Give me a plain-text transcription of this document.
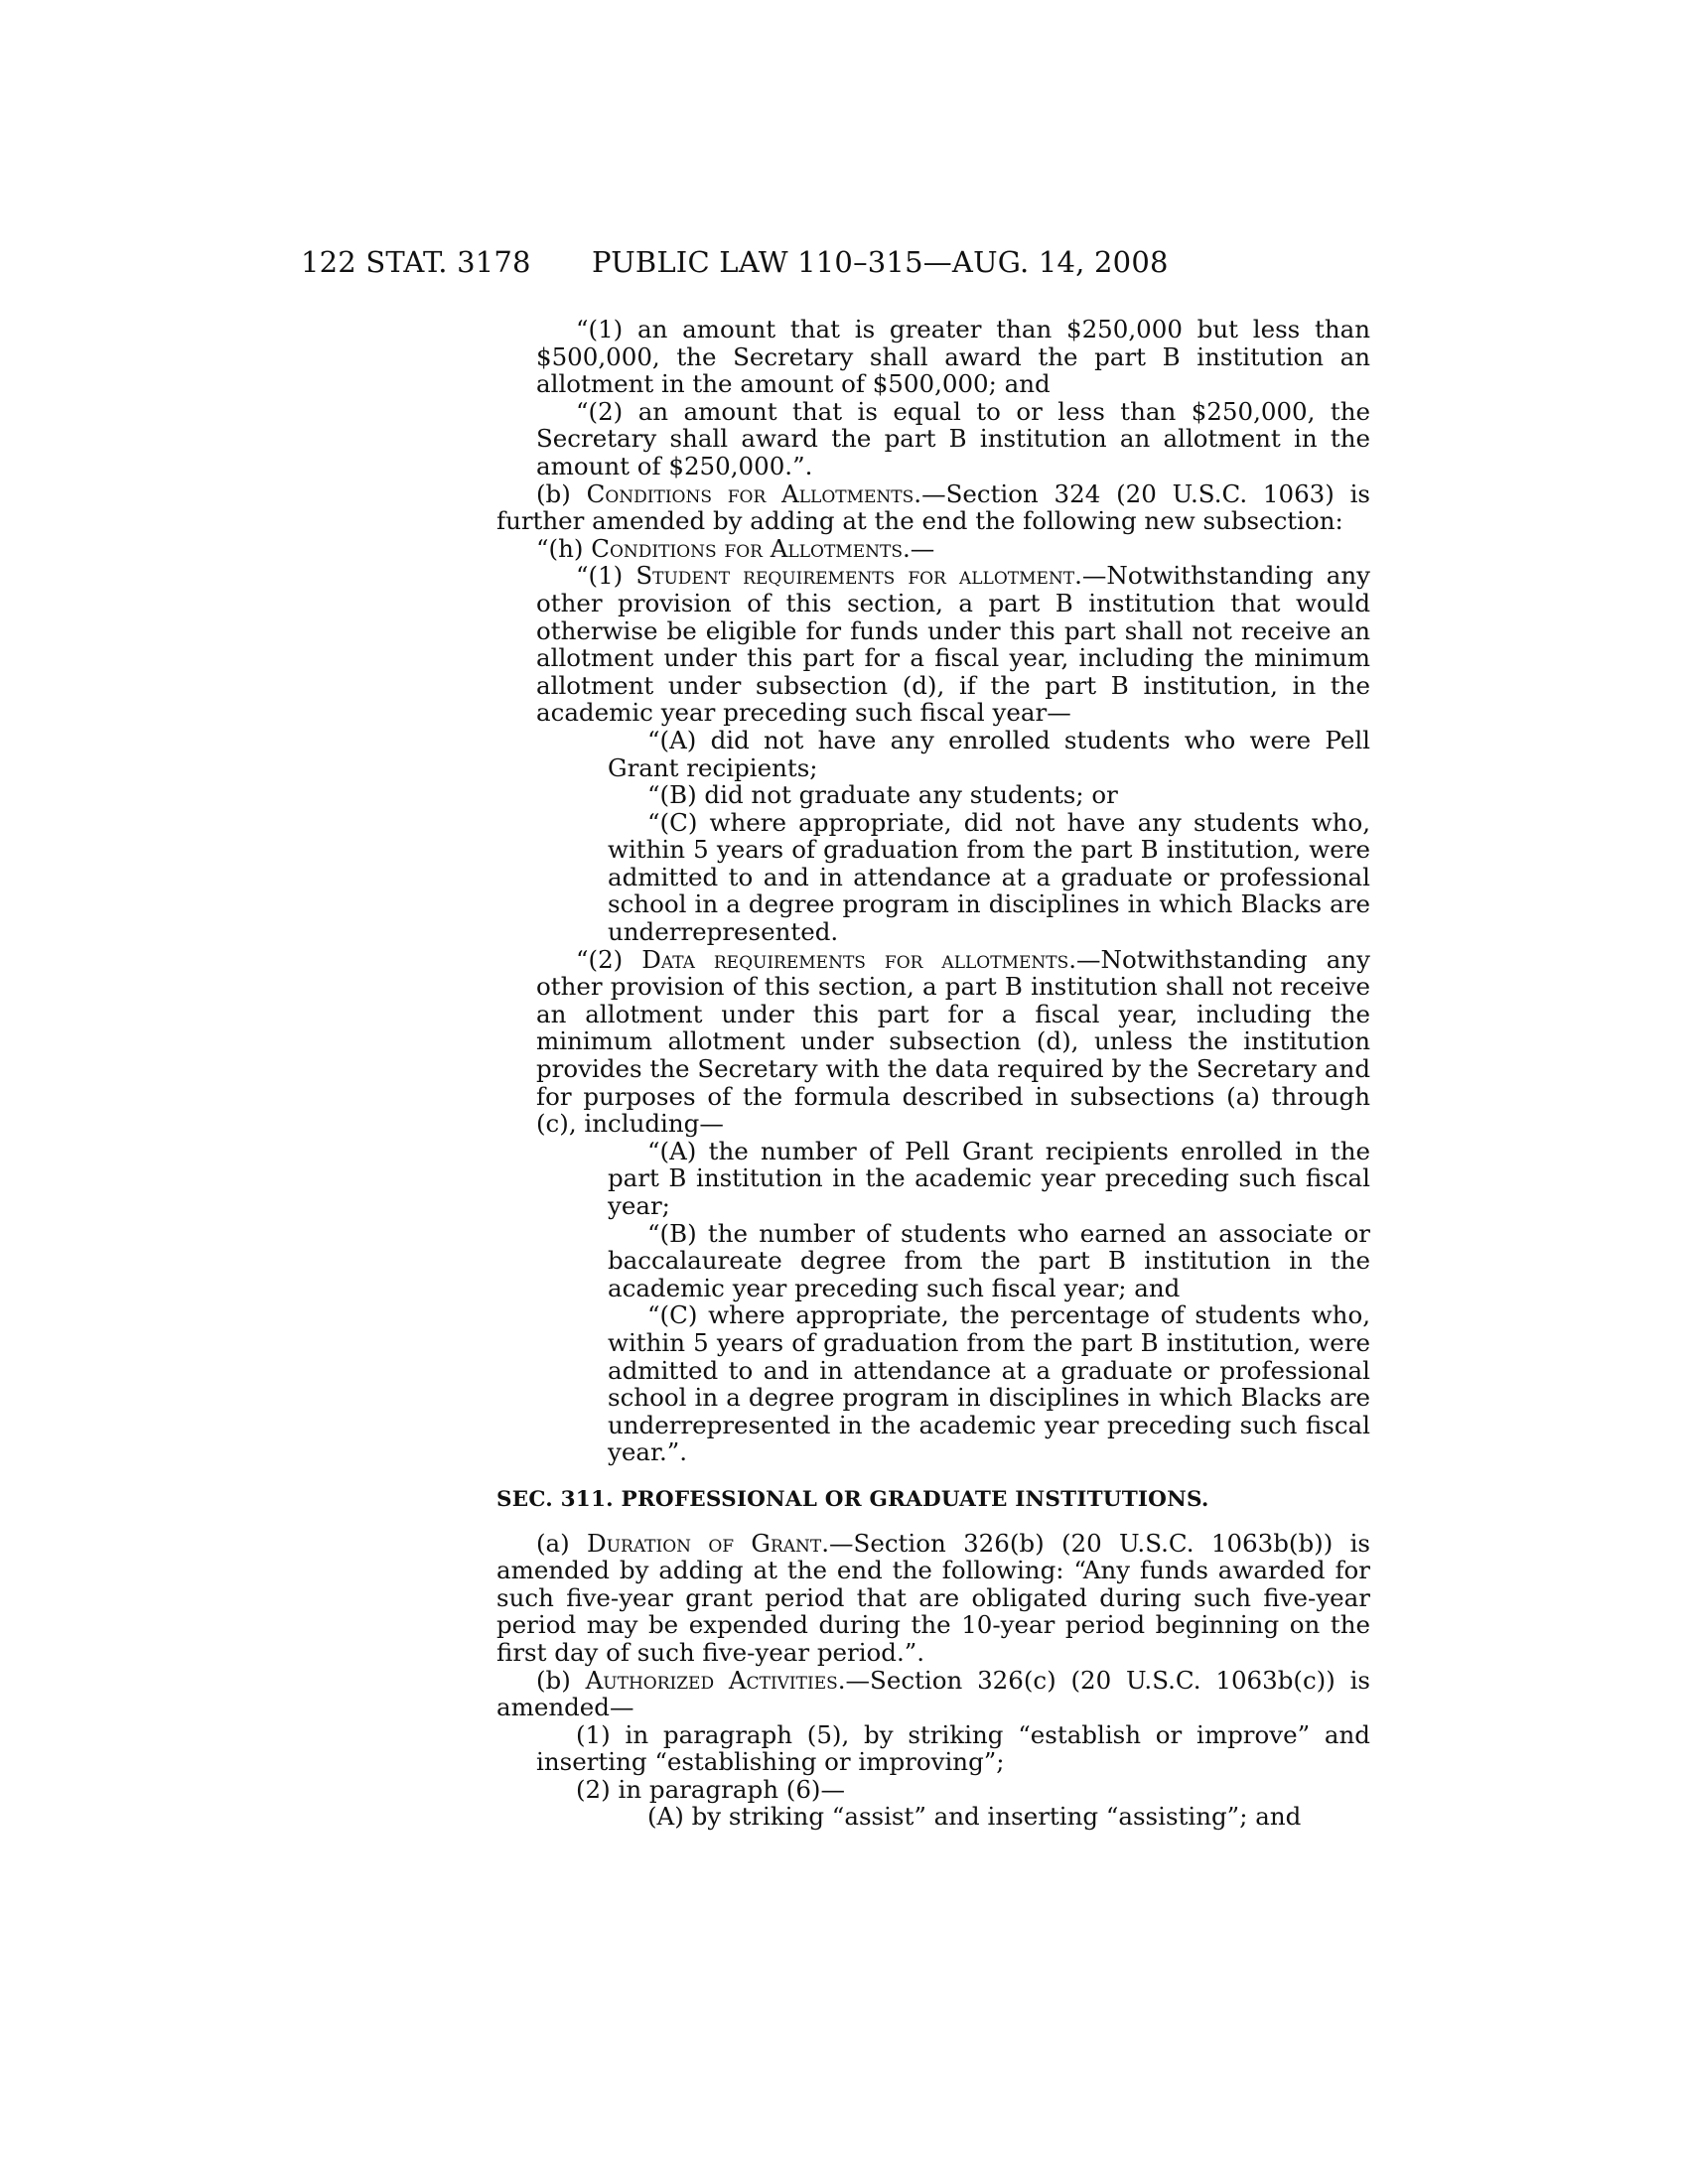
122 STAT. 3178 PUBLIC LAW 110–315—AUG. 14, 2008

“(1) an amount that is greater than $250,000 but less than $500,000, the Secretary shall award the part B institution an allotment in the amount of $500,000; and

“(2) an amount that is equal to or less than $250,000, the Secretary shall award the part B institution an allotment in the amount of $250,000.”.

(b) Conditions for Allotments.—Section 324 (20 U.S.C. 1063) is further amended by adding at the end the following new subsection:

“(h) Conditions for Allotments.—

“(1) Student requirements for allotment.—Notwithstanding any other provision of this section, a part B institution that would otherwise be eligible for funds under this part shall not receive an allotment under this part for a fiscal year, including the minimum allotment under subsection (d), if the part B institution, in the academic year preceding such fiscal year—

“(A) did not have any enrolled students who were Pell Grant recipients;

“(B) did not graduate any students; or

“(C) where appropriate, did not have any students who, within 5 years of graduation from the part B institution, were admitted to and in attendance at a graduate or professional school in a degree program in disciplines in which Blacks are underrepresented.

“(2) Data requirements for allotments.—Notwithstanding any other provision of this section, a part B institution shall not receive an allotment under this part for a fiscal year, including the minimum allotment under subsection (d), unless the institution provides the Secretary with the data required by the Secretary and for purposes of the formula described in subsections (a) through (c), including—

“(A) the number of Pell Grant recipients enrolled in the part B institution in the academic year preceding such fiscal year;

“(B) the number of students who earned an associate or baccalaureate degree from the part B institution in the academic year preceding such fiscal year; and

“(C) where appropriate, the percentage of students who, within 5 years of graduation from the part B institution, were admitted to and in attendance at a graduate or professional school in a degree program in disciplines in which Blacks are underrepresented in the academic year preceding such fiscal year.”.

SEC. 311. PROFESSIONAL OR GRADUATE INSTITUTIONS.

(a) Duration of Grant.—Section 326(b) (20 U.S.C. 1063b(b)) is amended by adding at the end the following: “Any funds awarded for such five-year grant period that are obligated during such five-year period may be expended during the 10-year period beginning on the first day of such five-year period.”.

(b) Authorized Activities.—Section 326(c) (20 U.S.C. 1063b(c)) is amended—

(1) in paragraph (5), by striking “establish or improve” and inserting “establishing or improving”;

(2) in paragraph (6)—

(A) by striking “assist” and inserting “assisting”; and
